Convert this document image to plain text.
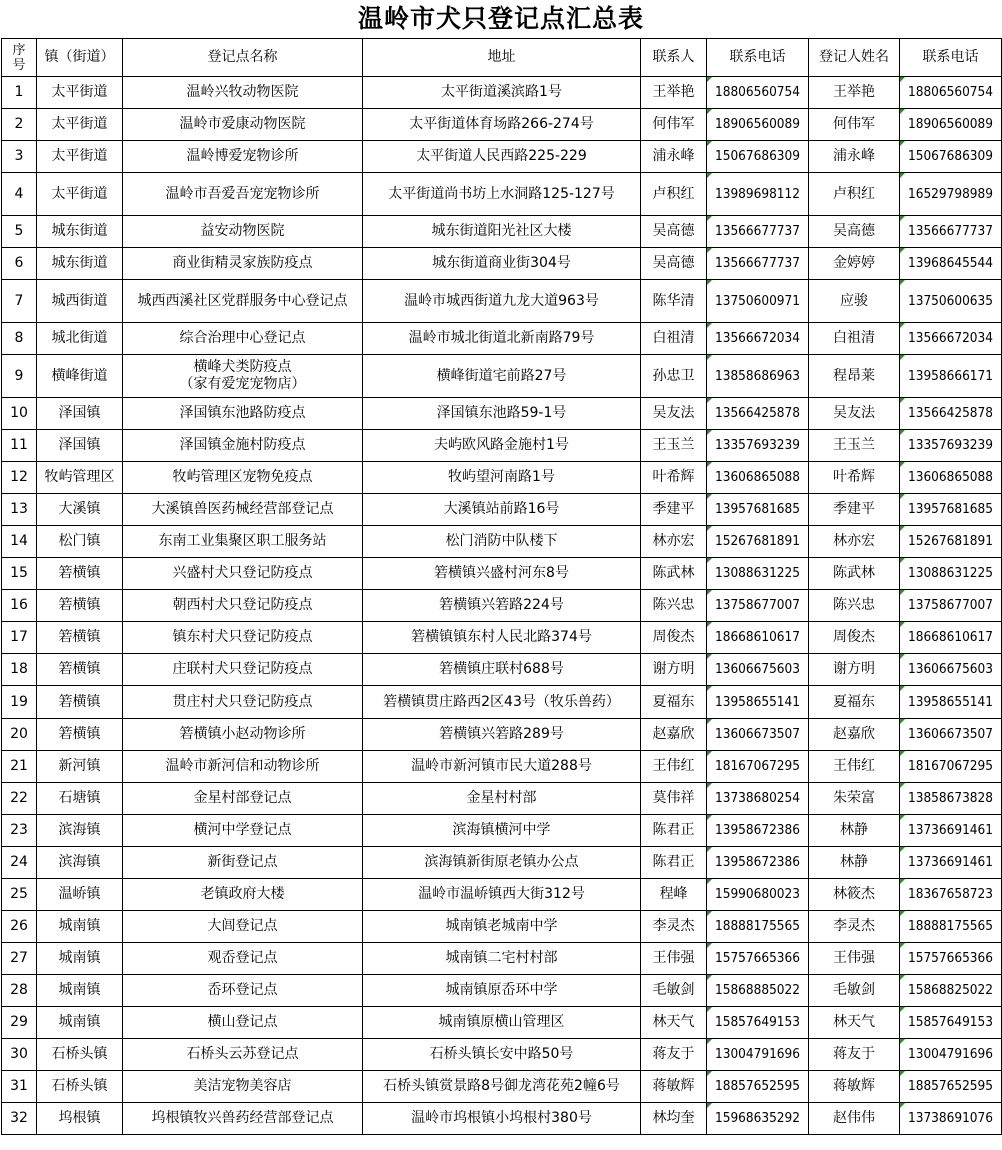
温岭市犬只登记点汇总表
序
号	镇（街道）	登记点名称	地址	联系人	联系电话	登记人姓名	联系电话
1	太平街道	温岭兴牧动物医院	太平街道溪滨路1号	王举艳	18806560754	王举艳	18806560754
2	太平街道	温岭市爱康动物医院	太平街道体育场路266-274号	何伟军	18906560089	何伟军	18906560089
3	太平街道	温岭博爱宠物诊所	太平街道人民西路225-229	浦永峰	15067686309	浦永峰	15067686309
4	太平街道	温岭市吾爱吾宠宠物诊所	太平街道尚书坊上水洞路125-127号	卢积红	13989698112	卢积红	16529798989
5	城东街道	益安动物医院	城东街道阳光社区大楼	吴高德	13566677737	吴高德	13566677737
6	城东街道	商业街精灵家族防疫点	城东街道商业街304号	吴高德	13566677737	金婷婷	13968645544
7	城西街道	城西西溪社区党群服务中心登记点	温岭市城西街道九龙大道963号	陈华清	13750600971	应骏	13750600635
8	城北街道	综合治理中心登记点	温岭市城北街道北新南路79号	白祖清	13566672034	白祖清	13566672034
9	横峰街道	横峰犬类防疫点
（家有爱宠宠物店）	横峰街道宅前路27号	孙忠卫	13858686963	程昂莱	13958666171
10	泽国镇	泽国镇东池路防疫点	泽国镇东池路59-1号	吴友法	13566425878	吴友法	13566425878
11	泽国镇	泽国镇金施村防疫点	夫屿欧风路金施村1号	王玉兰	13357693239	王玉兰	13357693239
12	牧屿管理区	牧屿管理区宠物免疫点	牧屿望河南路1号	叶希辉	13606865088	叶希辉	13606865088
13	大溪镇	大溪镇兽医药械经营部登记点	大溪镇站前路16号	季建平	13957681685	季建平	13957681685
14	松门镇	东南工业集聚区职工服务站	松门消防中队楼下	林亦宏	15267681891	林亦宏	15267681891
15	箬横镇	兴盛村犬只登记防疫点	箬横镇兴盛村河东8号	陈武林	13088631225	陈武林	13088631225
16	箬横镇	朝西村犬只登记防疫点	箬横镇兴箬路224号	陈兴忠	13758677007	陈兴忠	13758677007
17	箬横镇	镇东村犬只登记防疫点	箬横镇镇东村人民北路374号	周俊杰	18668610617	周俊杰	18668610617
18	箬横镇	庄联村犬只登记防疫点	箬横镇庄联村688号	谢方明	13606675603	谢方明	13606675603
19	箬横镇	贯庄村犬只登记防疫点	箬横镇贯庄路西2区43号（牧乐兽药）	夏福东	13958655141	夏福东	13958655141
20	箬横镇	箬横镇小赵动物诊所	箬横镇兴箬路289号	赵嘉欣	13606673507	赵嘉欣	13606673507
21	新河镇	温岭市新河信和动物诊所	温岭市新河镇市民大道288号	王伟红	18167067295	王伟红	18167067295
22	石塘镇	金星村部登记点	金星村村部	莫伟祥	13738680254	朱荣富	13858673828
23	滨海镇	横河中学登记点	滨海镇横河中学	陈君正	13958672386	林静	13736691461
24	滨海镇	新街登记点	滨海镇新街原老镇办公点	陈君正	13958672386	林静	13736691461
25	温峤镇	老镇政府大楼	温岭市温峤镇西大街312号	程峰	15990680023	林筱杰	18367658723
26	城南镇	大闾登记点	城南镇老城南中学	李灵杰	18888175565	李灵杰	18888175565
27	城南镇	观岙登记点	城南镇二宅村村部	王伟强	15757665366	王伟强	15757665366
28	城南镇	岙环登记点	城南镇原岙环中学	毛敏剑	15868885022	毛敏剑	15868825022
29	城南镇	横山登记点	城南镇原横山管理区	林天气	15857649153	林天气	15857649153
30	石桥头镇	石桥头云苏登记点	石桥头镇长安中路50号	蒋友于	13004791696	蒋友于	13004791696
31	石桥头镇	美洁宠物美容店	石桥头镇赏景路8号御龙湾花苑2幢6号	蒋敏辉	18857652595	蒋敏辉	18857652595
32	坞根镇	坞根镇牧兴兽药经营部登记点	温岭市坞根镇小坞根村380号	林均奎	15968635292	赵伟伟	13738691076
